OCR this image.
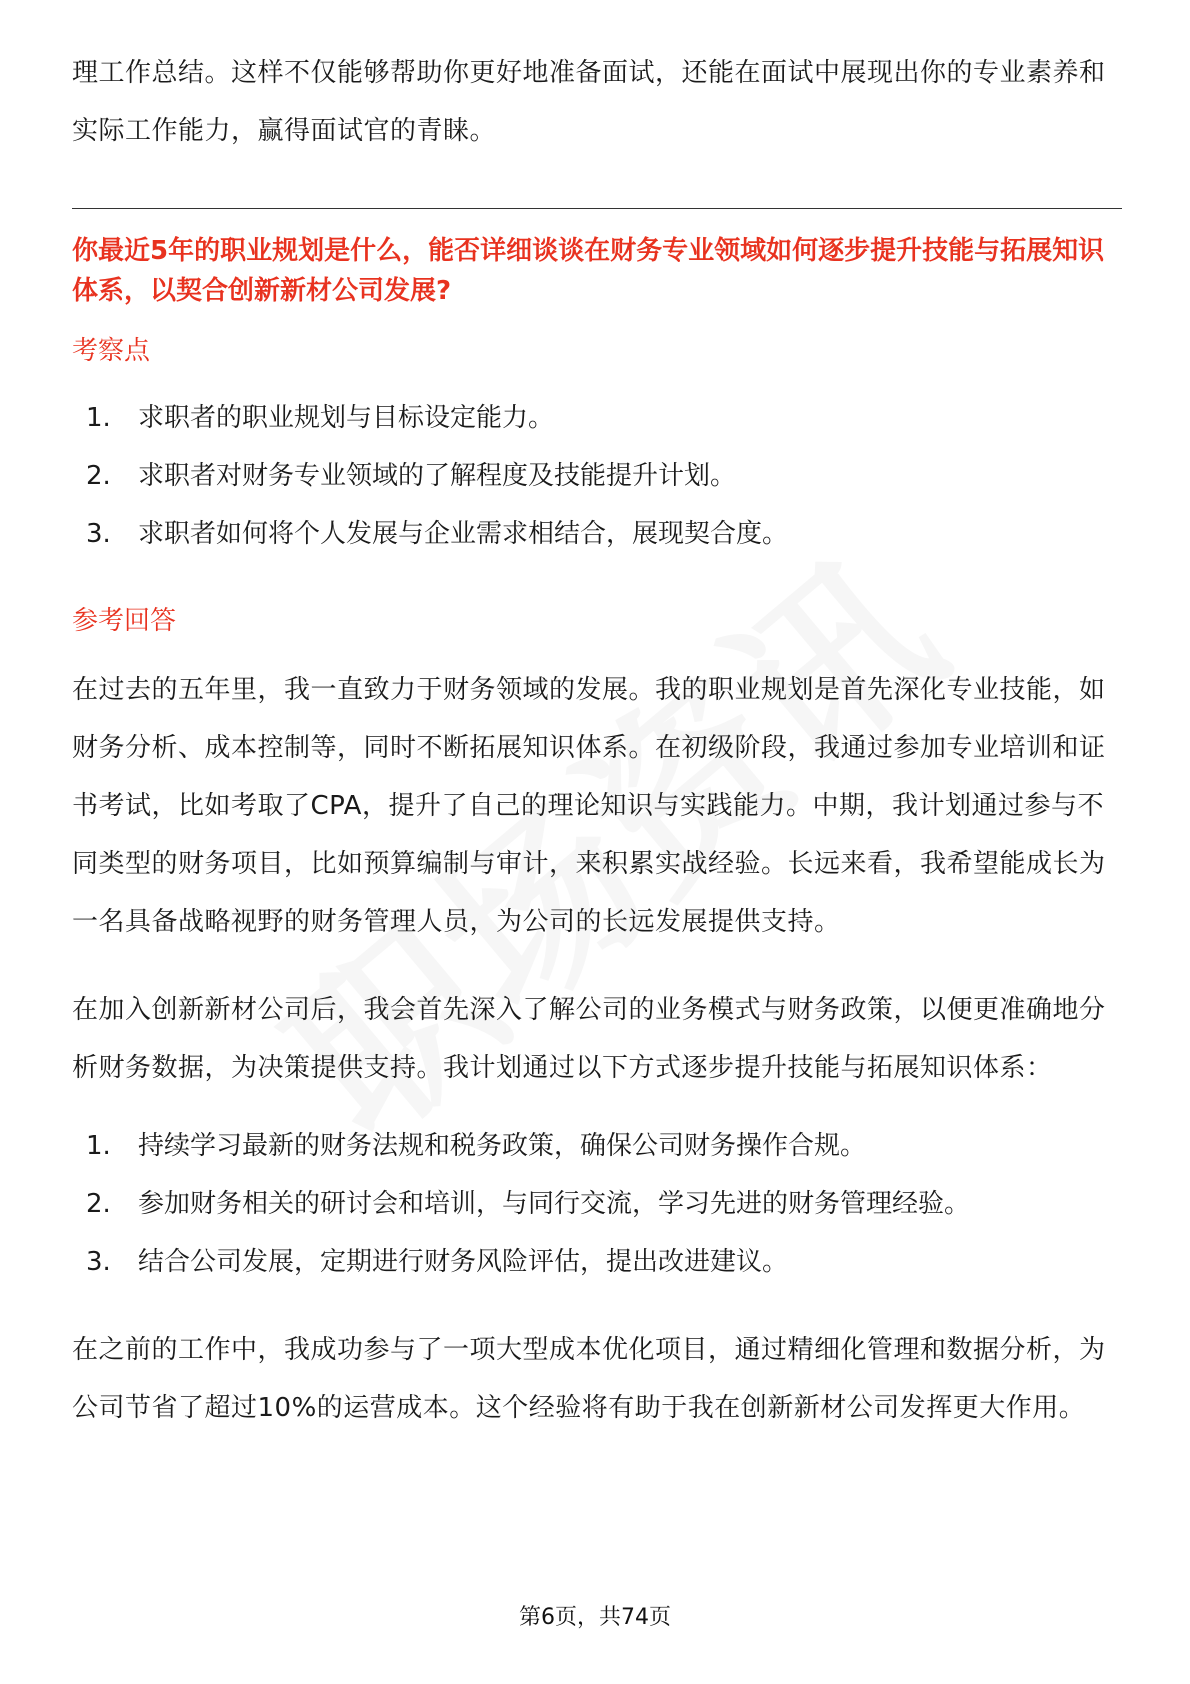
理工作总结。这样不仅能够帮助你更好地准备面试，还能在面试中展现出你的专业素养和实际工作能力，赢得面试官的青睐。

你最近5年的职业规划是什么，能否详细谈谈在财务专业领域如何逐步提升技能与拓展知识体系，以契合创新新材公司发展?

考察点

1.	求职者的职业规划与目标设定能力。
2.	求职者对财务专业领域的了解程度及技能提升计划。
3.	求职者如何将个人发展与企业需求相结合，展现契合度。

参考回答

在过去的五年里，我一直致力于财务领域的发展。我的职业规划是首先深化专业技能，如财务分析、成本控制等，同时不断拓展知识体系。在初级阶段，我通过参加专业培训和证书考试，比如考取了CPA，提升了自己的理论知识与实践能力。中期，我计划通过参与不同类型的财务项目，比如预算编制与审计，来积累实战经验。长远来看，我希望能成长为一名具备战略视野的财务管理人员，为公司的长远发展提供支持。

在加入创新新材公司后，我会首先深入了解公司的业务模式与财务政策，以便更准确地分析财务数据，为决策提供支持。我计划通过以下方式逐步提升技能与拓展知识体系：

1.	持续学习最新的财务法规和税务政策，确保公司财务操作合规。
2.	参加财务相关的研讨会和培训，与同行交流，学习先进的财务管理经验。
3.	结合公司发展，定期进行财务风险评估，提出改进建议。

在之前的工作中，我成功参与了一项大型成本优化项目，通过精细化管理和数据分析，为公司节省了超过10%的运营成本。这个经验将有助于我在创新新材公司发挥更大作用。

第6页，共74页
